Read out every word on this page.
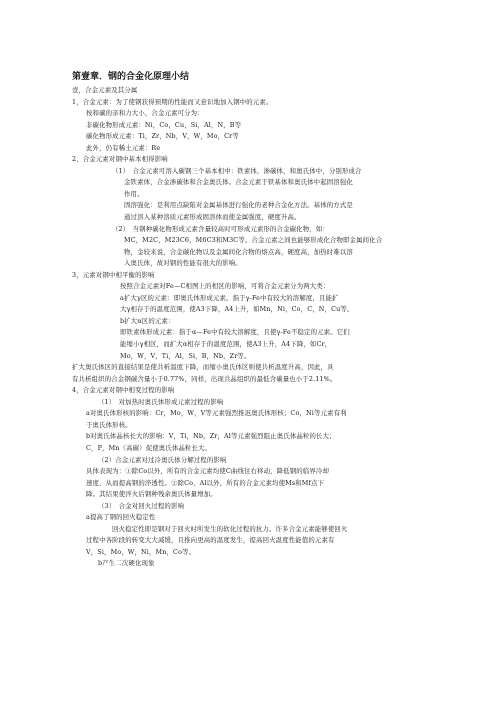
第壹章．钢的合金化原理小结

壹，合金元素及其分属

1，合金元素：为了使钢获得预期的性能而又意识地加入钢中的元素。

按和碳的亲和力大小，合金元素可分为：

非碳化物形成元素：Ni，Co，Cu，Si，Al，N，B等

碳化物形成元素：Ti，Zr，Nb，V，W，Mo，Cr等

此外，仍有稀土元素：Re

2，合金元素对钢中基本相得影响

（1）　合金元素可溶入碳钢三个基本相中：铁素体，渗碳体，和奥氏体中，分别形成合

金铁素体，合金渗碳体和合金奥氏体。合金元素于铁基体和奥氏体中起固溶强化

作用。

固溶强化：是利用点缺陷对金属基体进行强化的老种合金化方法。基体的方式是

通过溶入某种溶质元素形成固溶体而使金属强度，硬度升高。

（2）　当钢种碳化物形成元素含量较高时可形成元素形的合金碳化物，如：

MC，M2C，M23C6，M6C3和M3C等。合金元素之间也能够形成化合物即金属间化合

物，金较来说，合金碳化物以及金属间化合物的熔点高，硬度高，加热时难以溶

入奥氏体，故对钢的性能有很大的影响。

3，元素对钢中相平衡的影响

按照合金元素对Fe—C相图上的相区的影响，可将合金元素分为两大类：

a扩大γ区的元素：即奥氏体形成元素。指于γ-Fe中有较大的溶解度，且能扩

大γ相存于的温度范围，使A3下降，A4上升，如Mn，Ni，Co，C，N，Cu等。

b扩大α区的元素：

即铁素体形成元素：指于α—Fe中有较大溶解度，且使γ-Fe不稳定的元素。它们

能缩小γ相区，而扩大α相存于的温度范围，使A3上升，A4下降，如Cr，

Mo，W，V，Ti，Al，Si，B，Nb，Zr等。

扩大奥氏体区的直接结果是使共析温度下降，而缩小奥氏体区则使共析温度升高，因此，具

有共析组织的合金钢碳含量小于0.77%，同样，出现共晶组织的最低含碳量也小于2.11%。

4，合金元素对钢中相变过程的影响

（1）　对加热时奥氏体形成元素过程的影响

a对奥氏体形核的影响：Cr，Mo，W，V等元素强烈推迟奥氏体形核；Co，Ni等元素有利

于奥氏体形核。

b对奥氏体晶核长大的影响：V，Ti，Nb，Zr，Al等元素强烈阻止奥氏体晶粒的长大；

C，P，Mn（高碳）促使奥氏体晶粒长大。

（2）合金元素对过冷奥氏体分解过程的影响

具体表现为：①除Co以外，所有的合金元素均使C曲线往右移动，降低钢的临界冷却

速度，从而提高钢的淬透性。②除Co，Al以外，所有的合金元素均使Ms和Mf点下

降。其结果使淬火后钢种残余奥氏体量增加。

（3）　合金对回火过程的影响

a提高了钢的回火稳定性

回火稳定性即是钢对于回火时所发生的软化过程的抗力。许多合金元素能够使回火

过程中各阶段的转变大大减缓，且推向更高的温度发生，提高回火温度性能值的元素有

V，Si，Mo，W，Ni，Mn，Co等。

b产生二次硬化现象
